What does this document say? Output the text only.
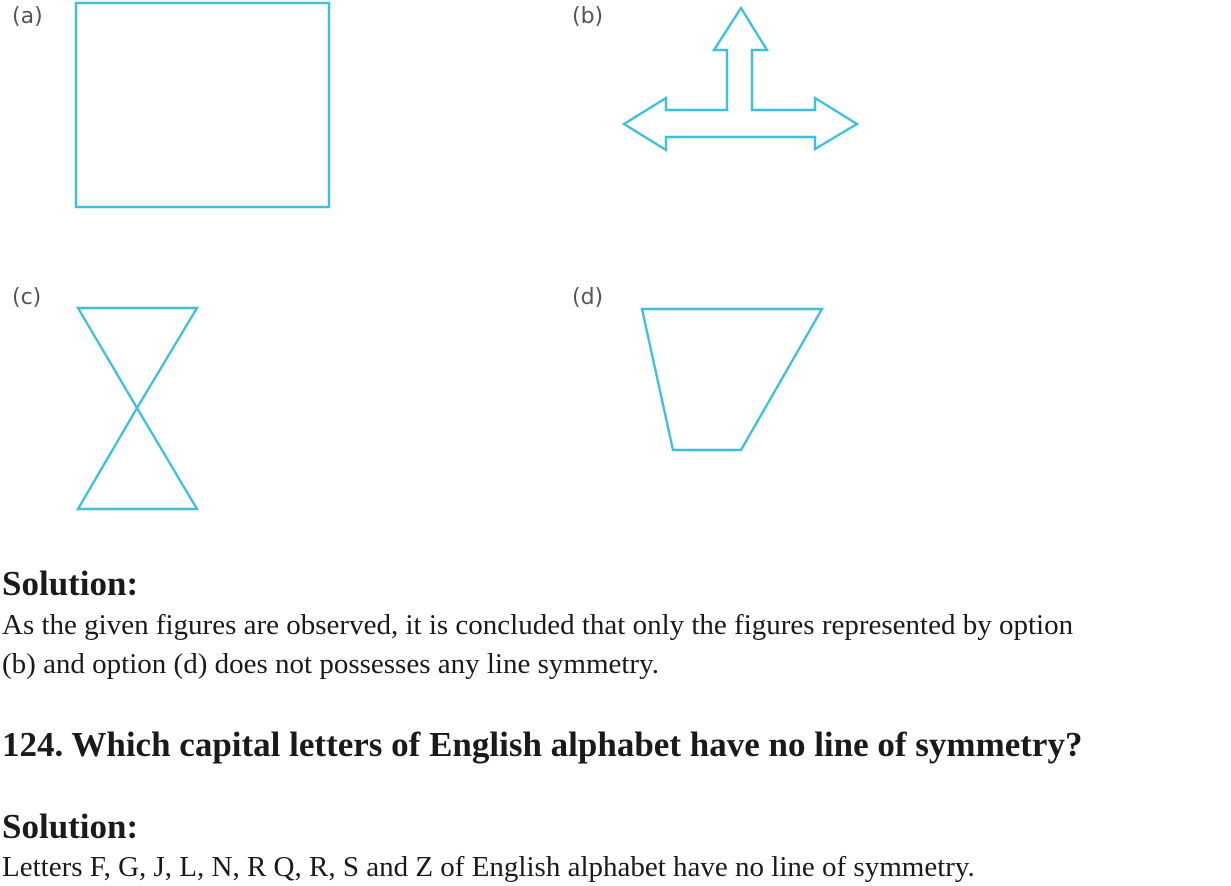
(a)	(b)
(c)	(d)
Solution:
As the given figures are observed, it is concluded that only the figures represented by option
(b) and option (d) does not possesses any line symmetry.
124. Which capital letters of English alphabet have no line of symmetry?
Solution:
Letters F, G, J, L, N, R Q, R, S and Z of English alphabet have no line of symmetry.
